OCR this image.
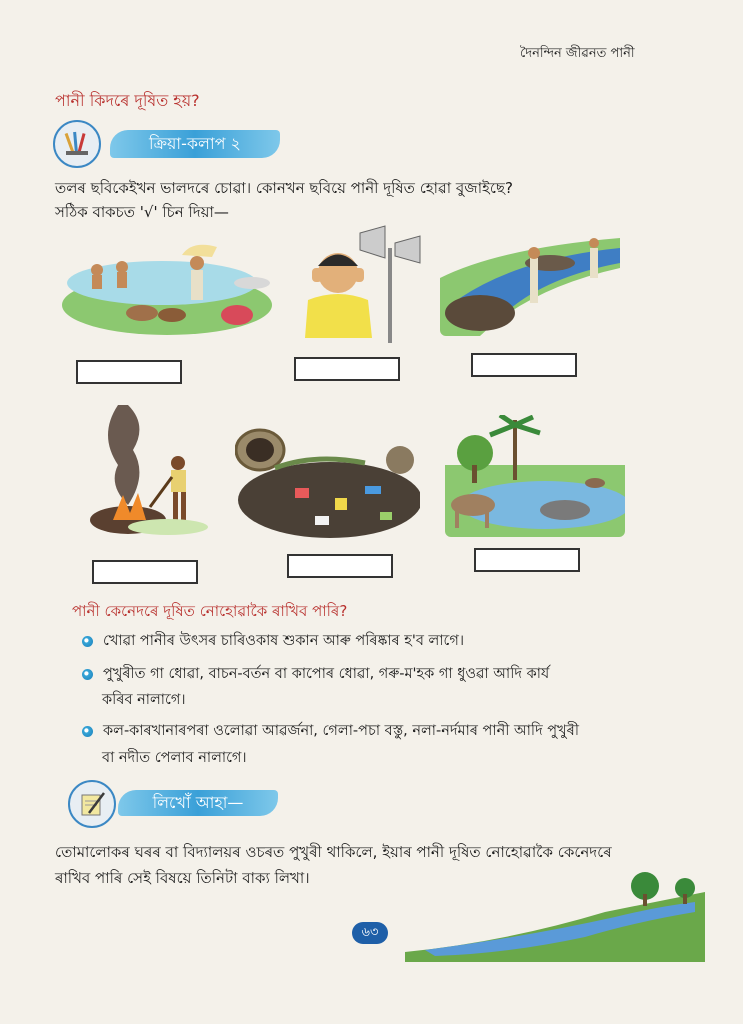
দৈনন্দিন জীৱনত পানী
পানী কিদৰে দূষিত হয়?
ক্ৰিয়া-কলাপ ২
তলৰ ছবিকেইখন ভালদৰে চোৱা। কোনখন ছবিয়ে পানী দূষিত হোৱা বুজাইছে?
সঠিক বাকচত '√' চিন দিয়া—
পানী কেনেদৰে দূষিত নোহোৱাকৈ ৰাখিব পাৰি?
খোৱা পানীৰ উৎসৰ চাৰিওকাষ শুকান আৰু পৰিষ্কাৰ হ'ব লাগে।
পুখুৰীত গা ধোৱা, বাচন-বৰ্তন বা কাপোৰ ধোৱা, গৰু-ম'হক গা ধুওৱা আদি কাৰ্য
কৰিব নালাগে।
কল-কাৰখানাৰপৰা ওলোৱা আৱৰ্জনা, গেলা-পচা বস্তু, নলা-নৰ্দমাৰ পানী আদি পুখুৰী
বা নদীত পেলাব নালাগে।
লিখোঁ আহা—
তোমালোকৰ ঘৰৰ বা বিদ্যালয়ৰ ওচৰত পুখুৰী থাকিলে, ইয়াৰ পানী দূষিত নোহোৱাকৈ কেনেদৰে
ৰাখিব পাৰি সেই বিষয়ে তিনিটা বাক্য লিখা।
৬৩
